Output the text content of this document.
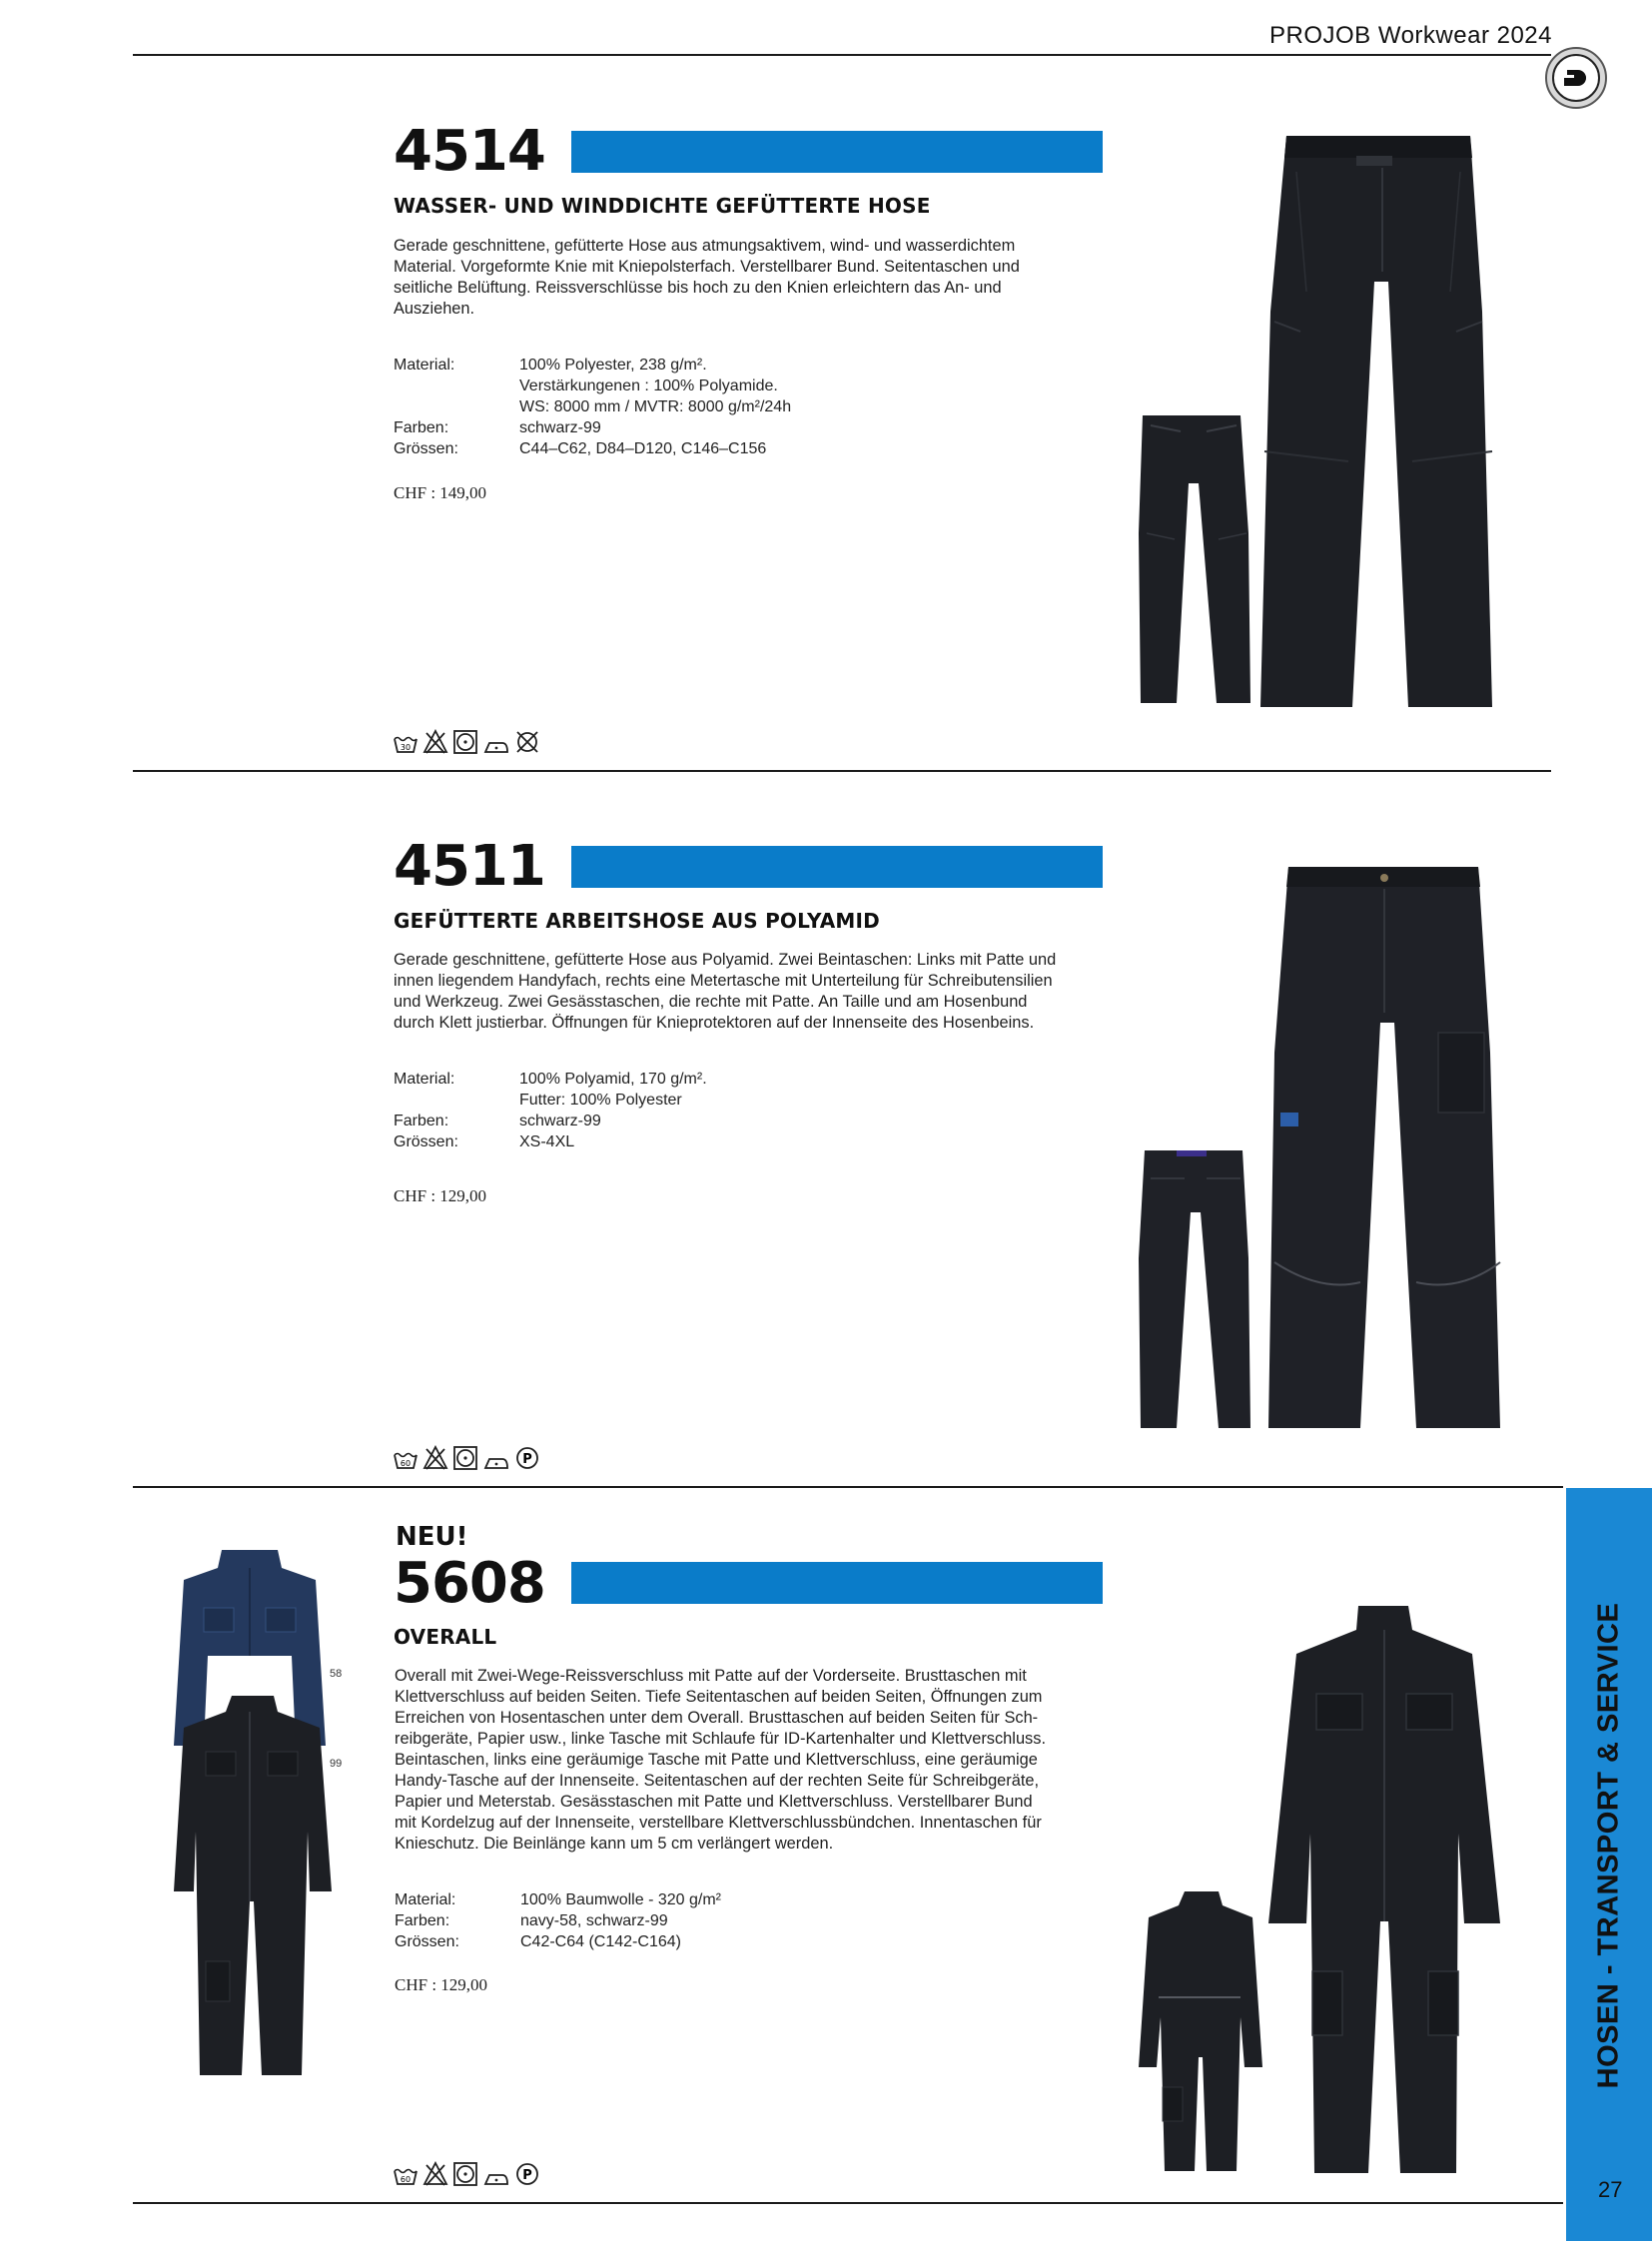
PROJOB Workwear 2024
4514
WASSER- UND WINDDICHTE GEFÜTTERTE HOSE

Gerade geschnittene, gefütterte Hose aus atmungsaktivem, wind- und wasserdichtem

Material. Vorgeformte Knie mit Kniepolsterfach. Verstellbarer Bund. Seitentaschen und

seitliche Belüftung. Reissverschlüsse bis hoch zu den Knien erleichtern das An- und

Ausziehen.

Material:	100% Polyester, 238 g/m².
Verstärkungenen : 100% Polyamide.
WS: 8000 mm / MVTR: 8000 g/m²/24h
Farben:	schwarz-99
Grössen:	C44–C62, D84–D120, C146–C156
CHF : 149,00
30
4511
GEFÜTTERTE ARBEITSHOSE AUS POLYAMID

Gerade geschnittene, gefütterte Hose aus Polyamid. Zwei Beintaschen: Links mit Patte und

innen liegendem Handyfach, rechts eine Metertasche mit Unterteilung für Schreibutensilien

und Werkzeug. Zwei Gesässtaschen, die rechte mit Patte. An Taille und am Hosenbund

durch Klett justierbar. Öffnungen für Knieprotektoren auf der Innenseite des Hosenbeins.

Material:	100% Polyamid, 170 g/m².
Futter: 100% Polyester
Farben:	schwarz-99
Grössen:	XS-4XL
CHF : 129,00
60	P
NEU!
5608
OVERALL

Overall mit Zwei-Wege-Reissverschluss mit Patte auf der Vorderseite. Brusttaschen mit

Klettverschluss auf beiden Seiten. Tiefe Seitentaschen auf beiden Seiten, Öffnungen zum

Erreichen von Hosentaschen unter dem Overall. Brusttaschen auf beiden Seiten für Sch-

reibgeräte, Papier usw., linke Tasche mit Schlaufe für ID-Kartenhalter und Klettverschluss.

Beintaschen, links eine geräumige Tasche mit Patte und Klettverschluss, eine geräumige

Handy-Tasche auf der Innenseite. Seitentaschen auf der rechten Seite für Schreibgeräte,

Papier und Meterstab. Gesässtaschen mit Patte und Klettverschluss. Verstellbarer Bund

mit Kordelzug auf der Innenseite, verstellbare Klettverschlussbündchen. Innentaschen für

Knieschutz. Die Beinlänge kann um 5 cm verlängert werden.

Material:	100% Baumwolle - 320 g/m²
Farben:	navy-58, schwarz-99
Grössen:	C42-C64 (C142-C164)
CHF : 129,00
60	P
58
99	HOSEN - TRANSPORT & SERVICE
27
